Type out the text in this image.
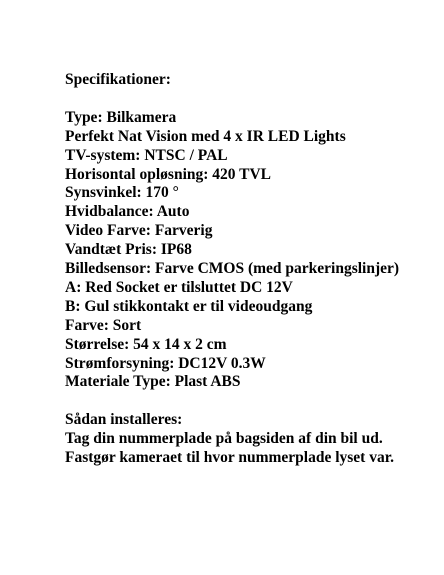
Specifikationer:
Type: Bilkamera
Perfekt Nat Vision med 4 x IR LED Lights
TV-system: NTSC / PAL
Horisontal opløsning: 420 TVL
Synsvinkel: 170 °
Hvidbalance: Auto
Video Farve: Farverig
Vandtæt Pris: IP68
Billedsensor: Farve CMOS (med parkeringslinjer)
A: Red Socket er tilsluttet DC 12V
B: Gul stikkontakt er til videoudgang
Farve: Sort
Størrelse: 54 x 14 x 2 cm
Strømforsyning: DC12V 0.3W
Materiale Type: Plast ABS
Sådan installeres:
Tag din nummerplade på bagsiden af din bil ud.
Fastgør kameraet til hvor nummerplade lyset var.
